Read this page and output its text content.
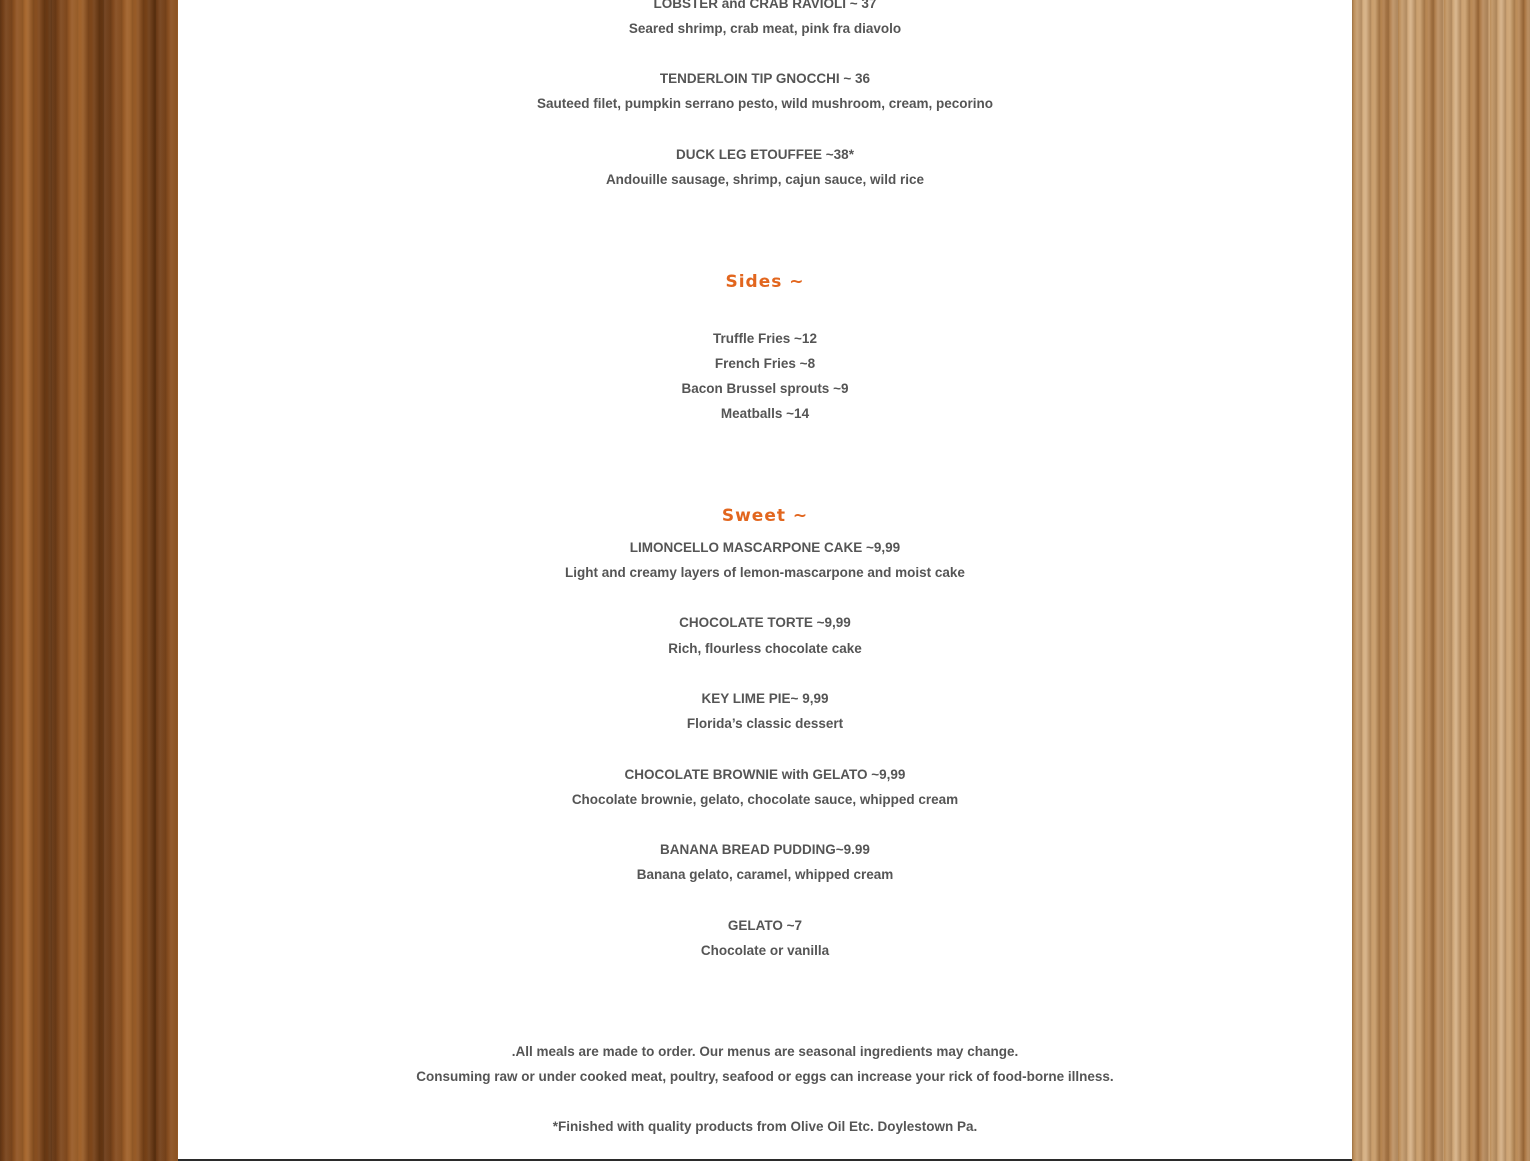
LOBSTER and CRAB RAVIOLI ~ 37
Seared shrimp, crab meat, pink fra diavolo
TENDERLOIN TIP GNOCCHI ~ 36
Sauteed filet, pumpkin serrano pesto, wild mushroom, cream, pecorino
DUCK LEG ETOUFFEE ~38*
Andouille sausage, shrimp, cajun sauce, wild rice
Sides ~
Truffle Fries ~12
French Fries ~8
Bacon Brussel sprouts ~9
Meatballs ~14
Sweet ~
LIMONCELLO MASCARPONE CAKE ~9,99
Light and creamy layers of lemon-mascarpone and moist cake
CHOCOLATE TORTE ~9,99
Rich, flourless chocolate cake
KEY LIME PIE~ 9,99
Florida’s classic dessert
CHOCOLATE BROWNIE with GELATO ~9,99
Chocolate brownie, gelato, chocolate sauce, whipped cream
BANANA BREAD PUDDING~9.99
Banana gelato, caramel, whipped cream
GELATO ~7
Chocolate or vanilla
.All meals are made to order. Our menus are seasonal ingredients may change.
Consuming raw or under cooked meat, poultry, seafood or eggs can increase your rick of food-borne illness.
*Finished with quality products from Olive Oil Etc. Doylestown Pa.
